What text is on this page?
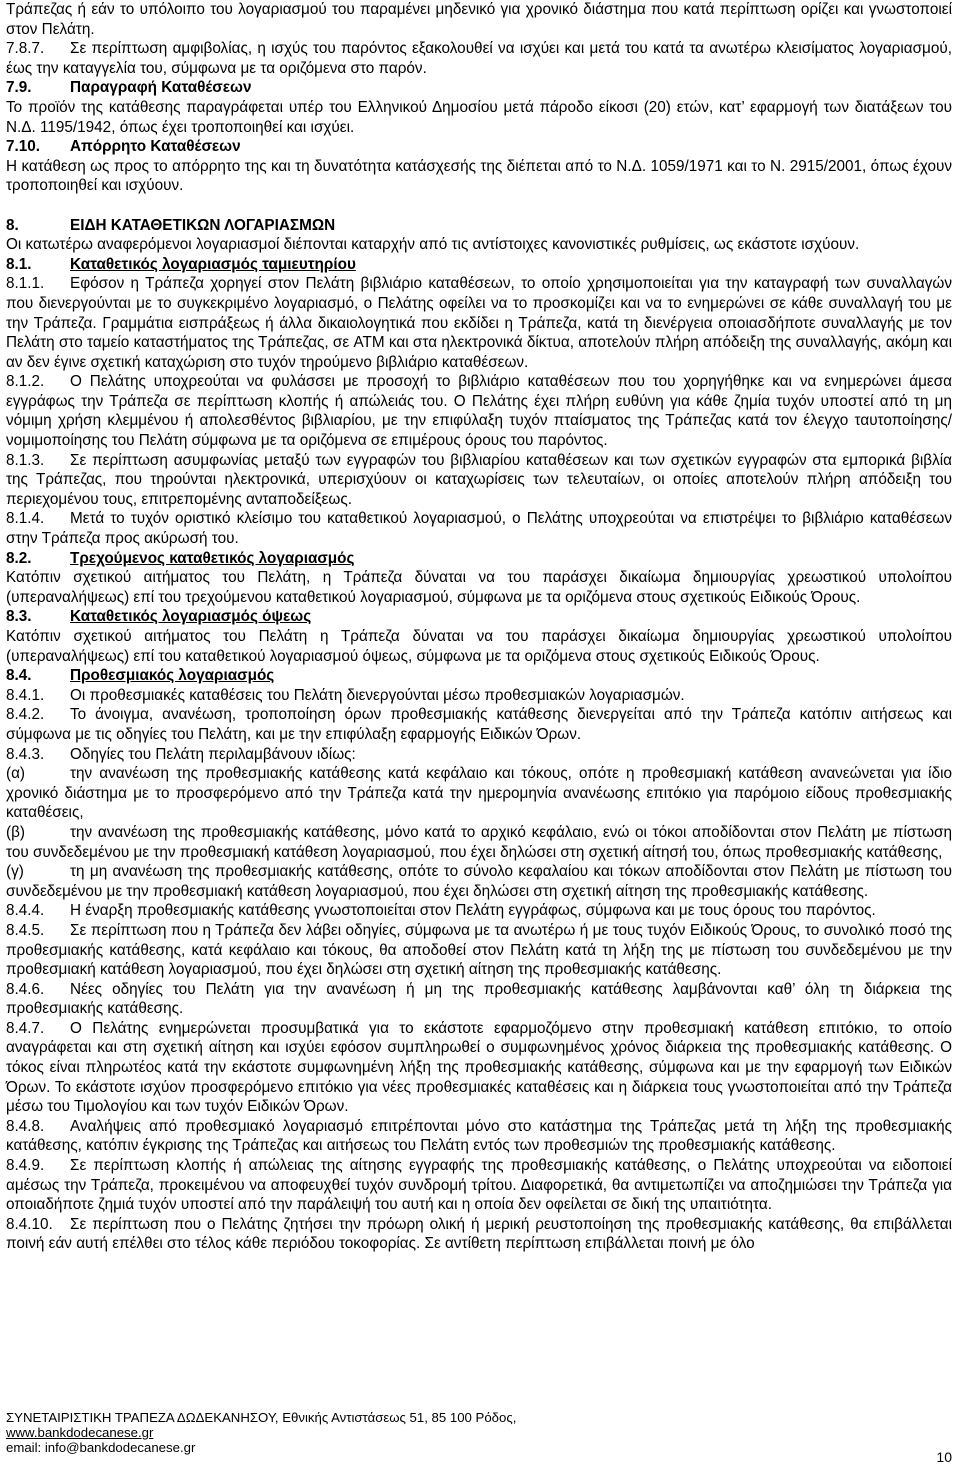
Τράπεζας ή εάν το υπόλοιπο του λογαριασμού του παραμένει μηδενικό για χρονικό διάστημα που κατά περίπτωση ορίζει και γνωστοποιεί στον Πελάτη.

7.8.7. Σε περίπτωση αμφιβολίας, η ισχύς του παρόντος εξακολουθεί να ισχύει και μετά του κατά τα ανωτέρω κλεισίματος λογαριασμού, έως την καταγγελία του, σύμφωνα με τα οριζόμενα στο παρόν.

7.9.	Παραγραφή Καταθέσεων

Το προϊόν της κατάθεσης παραγράφεται υπέρ του Ελληνικού Δημοσίου μετά πάροδο είκοσι (20) ετών, κατ’ εφαρμογή των διατάξεων του Ν.Δ. 1195/1942, όπως έχει τροποποιηθεί και ισχύει.

7.10. Απόρρητο Καταθέσεων

Η κατάθεση ως προς το απόρρητο της και τη δυνατότητα κατάσχεσής της διέπεται από το Ν.Δ. 1059/1971 και το Ν. 2915/2001, όπως έχουν τροποποιηθεί και ισχύουν.

8.	ΕΙΔΗ ΚΑΤΑΘΕΤΙΚΩΝ ΛΟΓΑΡΙΑΣΜΩΝ

Οι κατωτέρω αναφερόμενοι λογαριασμοί διέπονται καταρχήν από τις αντίστοιχες κανονιστικές ρυθμίσεις, ως εκάστοτε ισχύουν.

8.1.	Καταθετικός λογαριασμός ταμιευτηρίου

8.1.1. Εφόσον η Τράπεζα χορηγεί στον Πελάτη βιβλιάριο καταθέσεων, το οποίο χρησιμοποιείται για την καταγραφή των συναλλαγών που διενεργούνται με το συγκεκριμένο λογαριασμό, ο Πελάτης οφείλει να το προσκομίζει και να το ενημερώνει σε κάθε συναλλαγή του με την Τράπεζα. Γραμμάτια εισπράξεως ή άλλα δικαιολογητικά που εκδίδει η Τράπεζα, κατά τη διενέργεια οποιασδήποτε συναλλαγής με τον Πελάτη στο ταμείο καταστήματος της Τράπεζας, σε ATM και στα ηλεκτρονικά δίκτυα, αποτελούν πλήρη απόδειξη της συναλλαγής, ακόμη και αν δεν έγινε σχετική καταχώριση στο τυχόν τηρούμενο βιβλιάριο καταθέσεων.

8.1.2. Ο Πελάτης υποχρεούται να φυλάσσει με προσοχή το βιβλιάριο καταθέσεων που του χορηγήθηκε και να ενημερώνει άμεσα εγγράφως την Τράπεζα σε περίπτωση κλοπής ή απώλειάς του. Ο Πελάτης έχει πλήρη ευθύνη για κάθε ζημία τυχόν υποστεί από τη μη νόμιμη χρήση κλεμμένου ή απολεσθέντος βιβλιαρίου, με την επιφύλαξη τυχόν πταίσματος της Τράπεζας κατά τον έλεγχο ταυτοποίησης/νομιμοποίησης του Πελάτη σύμφωνα με τα οριζόμενα σε επιμέρους όρους του παρόντος.

8.1.3. Σε περίπτωση ασυμφωνίας μεταξύ των εγγραφών του βιβλιαρίου καταθέσεων και των σχετικών εγγραφών στα εμπορικά βιβλία της Τράπεζας, που τηρούνται ηλεκτρονικά, υπερισχύουν οι καταχωρίσεις των τελευταίων, οι οποίες αποτελούν πλήρη απόδειξη του περιεχομένου τους, επιτρεπομένης ανταποδείξεως.

8.1.4. Μετά το τυχόν οριστικό κλείσιμο του καταθετικού λογαριασμού, ο Πελάτης υποχρεούται να επιστρέψει το βιβλιάριο καταθέσεων στην Τράπεζα προς ακύρωσή του.

8.2.	Τρεχούμενος καταθετικός λογαριασμός

Κατόπιν σχετικού αιτήματος του Πελάτη, η Τράπεζα δύναται να του παράσχει δικαίωμα δημιουργίας χρεωστικού υπολοίπου (υπεραναλήψεως) επί του τρεχούμενου καταθετικού λογαριασμού, σύμφωνα με τα οριζόμενα στους σχετικούς Ειδικούς Όρους.

8.3.	Καταθετικός λογαριασμός όψεως

Κατόπιν σχετικού αιτήματος του Πελάτη η Τράπεζα δύναται να του παράσχει δικαίωμα δημιουργίας χρεωστικού υπολοίπου (υπεραναλήψεως) επί του καταθετικού λογαριασμού όψεως, σύμφωνα με τα οριζόμενα στους σχετικούς Ειδικούς Όρους.

8.4.	Προθεσμιακός λογαριασμός

8.4.1. Οι προθεσμιακές καταθέσεις του Πελάτη διενεργούνται μέσω προθεσμιακών λογαριασμών.

8.4.2. Το άνοιγμα, ανανέωση, τροποποίηση όρων προθεσμιακής κατάθεσης διενεργείται από την Τράπεζα κατόπιν αιτήσεως και σύμφωνα με τις οδηγίες του Πελάτη, και με την επιφύλαξη εφαρμογής Ειδικών Όρων.

8.4.3. Οδηγίες του Πελάτη περιλαμβάνουν ιδίως:

(α)	την ανανέωση της προθεσμιακής κατάθεσης κατά κεφάλαιο και τόκους, οπότε η προθεσμιακή κατάθεση ανανεώνεται για ίδιο χρονικό διάστημα με το προσφερόμενο από την Τράπεζα κατά την ημερομηνία ανανέωσης επιτόκιο για παρόμοιο είδους προθεσμιακής καταθέσεις,

(β)	την ανανέωση της προθεσμιακής κατάθεσης, μόνο κατά το αρχικό κεφάλαιο, ενώ οι τόκοι αποδίδονται στον Πελάτη με πίστωση του συνδεδεμένου με την προθεσμιακή κατάθεση λογαριασμού, που έχει δηλώσει στη σχετική αίτησή του, όπως προθεσμιακής κατάθεσης,

(γ)	τη μη ανανέωση της προθεσμιακής κατάθεσης, οπότε το σύνολο κεφαλαίου και τόκων αποδίδονται στον Πελάτη με πίστωση του συνδεδεμένου με την προθεσμιακή κατάθεση λογαριασμού, που έχει δηλώσει στη σχετική αίτηση της προθεσμιακής κατάθεσης.

8.4.4. Η έναρξη προθεσμιακής κατάθεσης γνωστοποιείται στον Πελάτη εγγράφως, σύμφωνα και με τους όρους του παρόντος.

8.4.5. Σε περίπτωση που η Τράπεζα δεν λάβει οδηγίες, σύμφωνα με τα ανωτέρω ή με τους τυχόν Ειδικούς Όρους, το συνολικό ποσό της προθεσμιακής κατάθεσης, κατά κεφάλαιο και τόκους, θα αποδοθεί στον Πελάτη κατά τη λήξη της με πίστωση του συνδεδεμένου με την προθεσμιακή κατάθεση λογαριασμού, που έχει δηλώσει στη σχετική αίτηση της προθεσμιακής κατάθεσης.

8.4.6. Νέες οδηγίες του Πελάτη για την ανανέωση ή μη της προθεσμιακής κατάθεσης λαμβάνονται καθ’ όλη τη διάρκεια της προθεσμιακής κατάθεσης.

8.4.7. Ο Πελάτης ενημερώνεται προσυμβατικά για το εκάστοτε εφαρμοζόμενο στην προθεσμιακή κατάθεση επιτόκιο, το οποίο αναγράφεται και στη σχετική αίτηση και ισχύει εφόσον συμπληρωθεί ο συμφωνημένος χρόνος διάρκεια της προθεσμιακής κατάθεσης. Ο τόκος είναι πληρωτέος κατά την εκάστοτε συμφωνημένη λήξη της προθεσμιακής κατάθεσης, σύμφωνα και με την εφαρμογή των Ειδικών Όρων. Το εκάστοτε ισχύον προσφερόμενο επιτόκιο για νέες προθεσμιακές καταθέσεις και η διάρκεια τους γνωστοποιείται από την Τράπεζα μέσω του Τιμολογίου και των τυχόν Ειδικών Όρων.

8.4.8. Αναλήψεις από προθεσμιακό λογαριασμό επιτρέπονται μόνο στο κατάστημα της Τράπεζας μετά τη λήξη της προθεσμιακής κατάθεσης, κατόπιν έγκρισης της Τράπεζας και αιτήσεως του Πελάτη εντός των προθεσμιών της προθεσμιακής κατάθεσης.

8.4.9. Σε περίπτωση κλοπής ή απώλειας της αίτησης εγγραφής της προθεσμιακής κατάθεσης, ο Πελάτης υποχρεούται να ειδοποιεί αμέσως την Τράπεζα, προκειμένου να αποφευχθεί τυχόν συνδρομή τρίτου. Διαφορετικά, θα αντιμετωπίζει να αποζημιώσει την Τράπεζα για οποιαδήποτε ζημιά τυχόν υποστεί από την παράλειψή του αυτή και η οποία δεν οφείλεται σε δική της υπαιτιότητα.

8.4.10. Σε περίπτωση που ο Πελάτης ζητήσει την πρόωρη ολική ή μερική ρευστοποίηση της προθεσμιακής κατάθεσης, θα επιβάλλεται ποινή εάν αυτή επέλθει στο τέλος κάθε περιόδου τοκοφορίας. Σε αντίθετη περίπτωση επιβάλλεται ποινή με όλο

ΣΥΝΕΤΑΙΡΙΣΤΙΚΗ ΤΡΑΠΕΖΑ ΔΩΔΕΚΑΝΗΣΟΥ, Εθνικής Αντιστάσεως 51, 85 100 Ρόδος,
www.bankdodecanese.gr
email: info@bankdodecanese.gr
10
